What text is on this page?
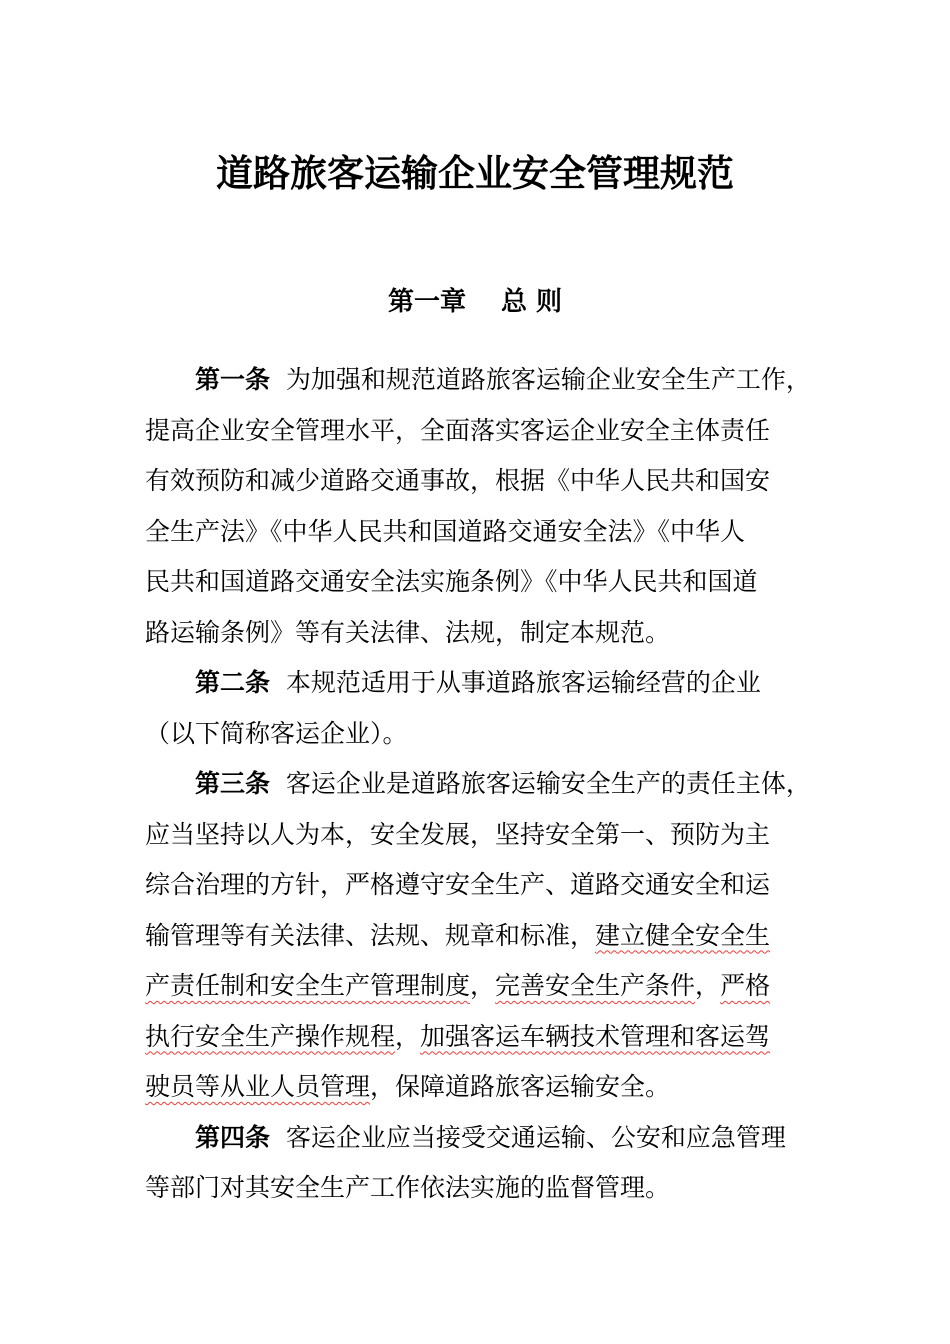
道路旅客运输企业安全管理规范
第一章　 总 则
第一条 为加强和规范道路旅客运输企业安全生产工作，
提高企业安全管理水平，全面落实客运企业安全主体责任
有效预防和减少道路交通事故，根据《中华人民共和国安
全生产法》《中华人民共和国道路交通安全法》《中华人
民共和国道路交通安全法实施条例》《中华人民共和国道
路运输条例》等有关法律、法规，制定本规范。
第二条 本规范适用于从事道路旅客运输经营的企业
（以下简称客运企业）。
第三条 客运企业是道路旅客运输安全生产的责任主体，
应当坚持以人为本，安全发展，坚持安全第一、预防为主
综合治理的方针，严格遵守安全生产、道路交通安全和运
输管理等有关法律、法规、规章和标准，建立健全安全生
产责任制和安全生产管理制度，完善安全生产条件，严格
执行安全生产操作规程，加强客运车辆技术管理和客运驾
驶员等从业人员管理，保障道路旅客运输安全。
第四条 客运企业应当接受交通运输、公安和应急管理
等部门对其安全生产工作依法实施的监督管理。
